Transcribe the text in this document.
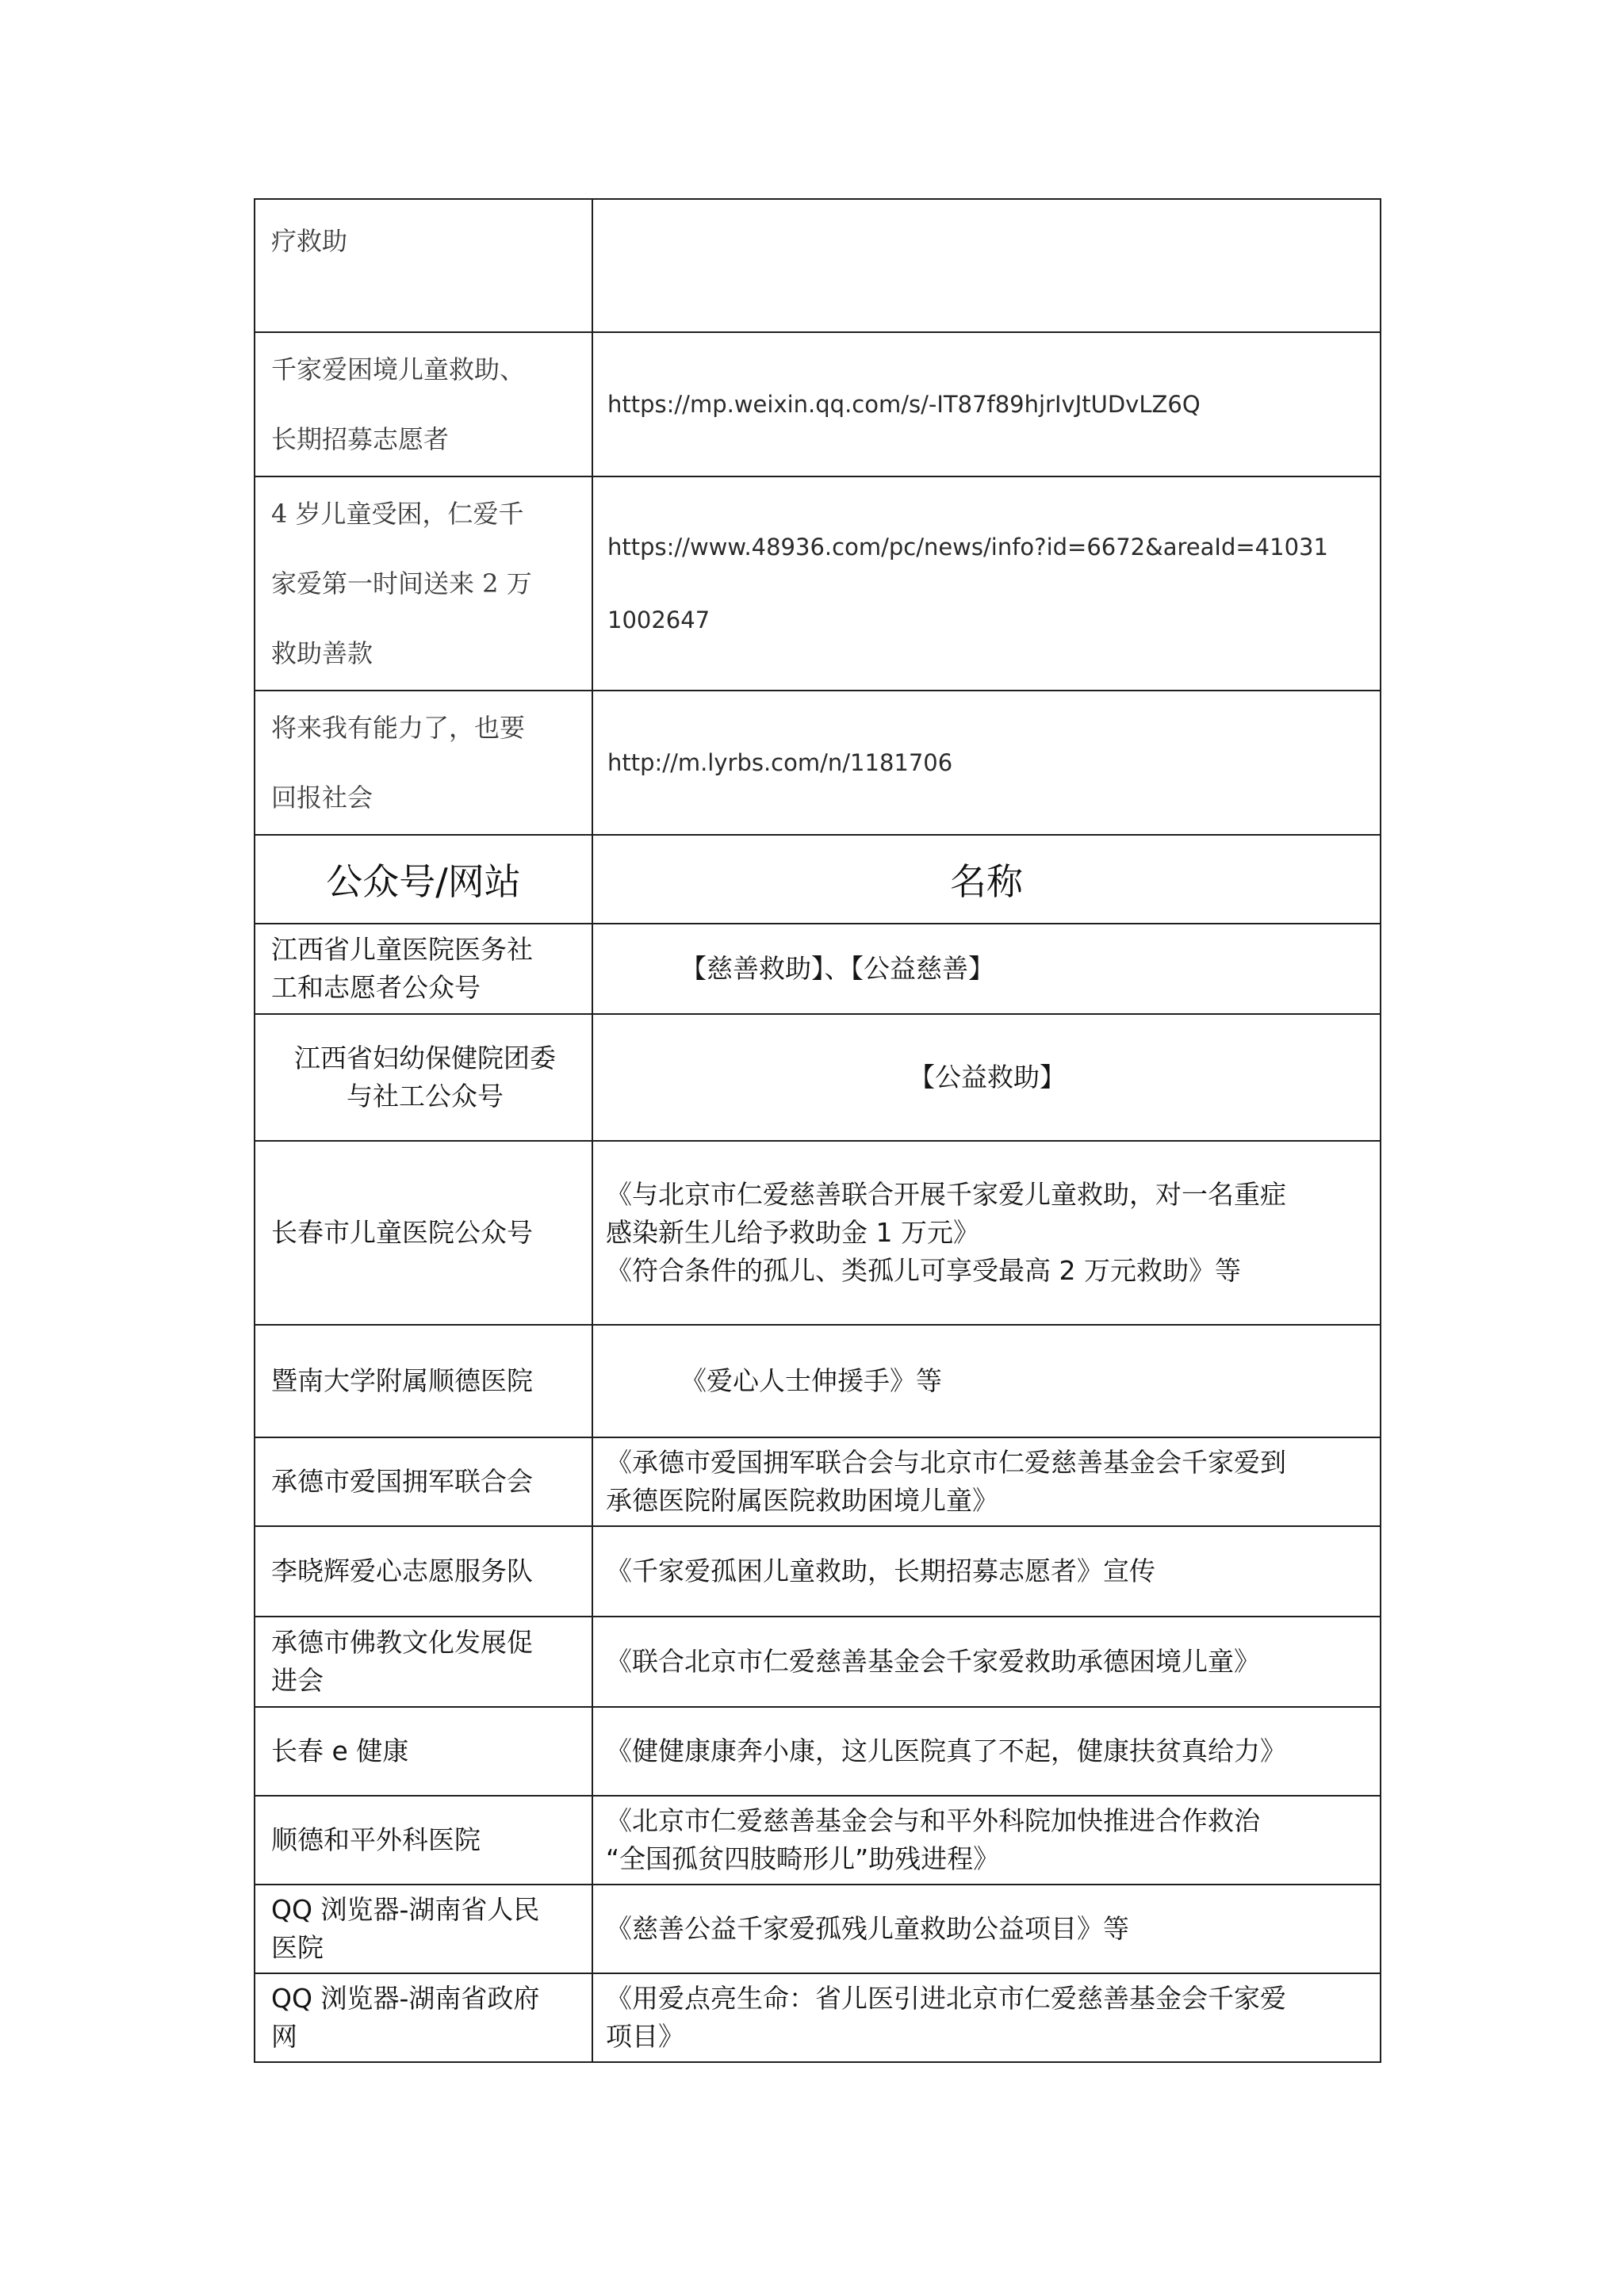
疗救助	

千家爱困境儿童救助、
长期招募志愿者	https://mp.weixin.qq.com/s/-IT87f89hjrIvJtUDvLZ6Q

4 岁儿童受困，仁爱千
家爱第一时间送来 2 万
救助善款	https://www.48936.com/pc/news/info?id=6672&areaId=41031
1002647

将来我有能力了，也要
回报社会	http://m.lyrbs.com/n/1181706

公众号/网站	名称

江西省儿童医院医务社
工和志愿者公众号	【慈善救助】、【公益慈善】

江西省妇幼保健院团委
与社工公众号	【公益救助】

长春市儿童医院公众号	《与北京市仁爱慈善联合开展千家爱儿童救助，对一名重症
感染新生儿给予救助金 1 万元》
《符合条件的孤儿、类孤儿可享受最高 2 万元救助》等

暨南大学附属顺德医院	《爱心人士伸援手》等

承德市爱国拥军联合会	《承德市爱国拥军联合会与北京市仁爱慈善基金会千家爱到
承德医院附属医院救助困境儿童》

李晓辉爱心志愿服务队	《千家爱孤困儿童救助，长期招募志愿者》宣传

承德市佛教文化发展促
进会	《联合北京市仁爱慈善基金会千家爱救助承德困境儿童》

长春 e 健康	《健健康康奔小康，这儿医院真了不起，健康扶贫真给力》

顺德和平外科医院	《北京市仁爱慈善基金会与和平外科院加快推进合作救治
“全国孤贫四肢畸形儿”助残进程》

QQ 浏览器-湖南省人民
医院	《慈善公益千家爱孤残儿童救助公益项目》等

QQ 浏览器-湖南省政府
网	《用爱点亮生命：省儿医引进北京市仁爱慈善基金会千家爱
项目》
